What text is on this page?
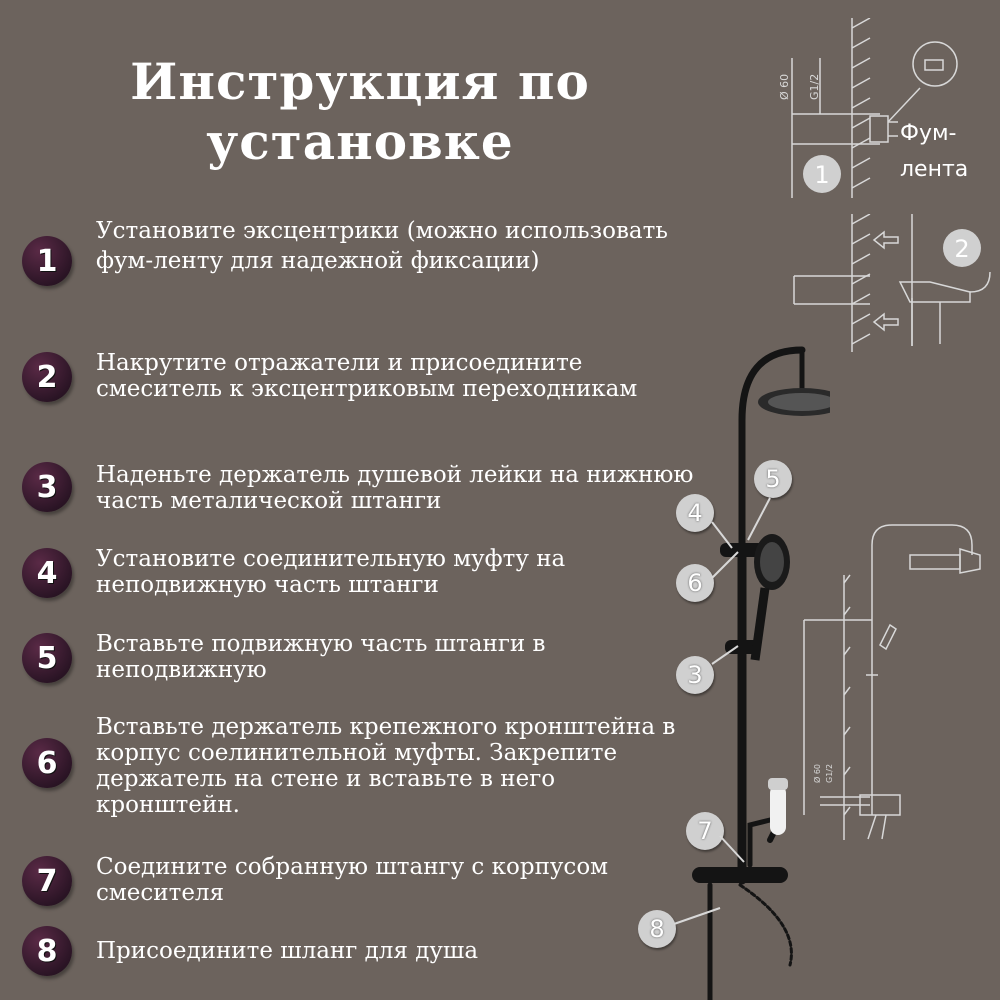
Инструкция по
установке
1
Установите эксцентрики (можно использовать фум-ленту для надежной фиксации)
2 Накрутите отражатели и присоедините смеситель к эксцентриковым переходникам
3 Наденьте держатель душевой лейки на нижнюю часть металической штанги
4 Установите соединительную муфту на неподвижную часть штанги
5 Вставьте подвижную часть штанги в неподвижную
6
Вставьте держатель крепежного кронштейна в корпус соелинительной муфты. Закрепите держатель на стене и вставьте в него кронштейн.
7 Соедините собранную штангу с корпусом смесителя
8 Присоедините шланг для душа
Ø 60 G1/2
1
Фум-
лента
2
4
5
6
3
7
8
Ø 60 G1/2
